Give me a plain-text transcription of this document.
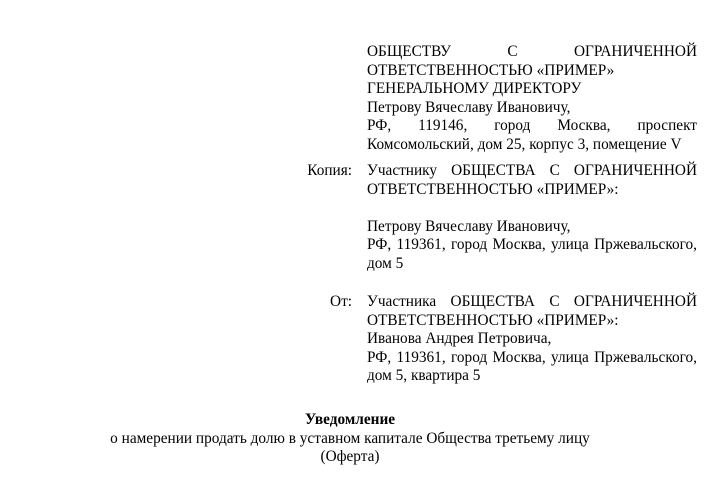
ОБЩЕСТВУ С ОГРАНИЧЕННОЙ
ОТВЕТСТВЕННОСТЬЮ «ПРИМЕР»
ГЕНЕРАЛЬНОМУ ДИРЕКТОРУ
Петрову Вячеславу Ивановичу,
РФ, 119146, город Москва, проспект
Комсомольский, дом 25, корпус 3, помещение V
Копия: Участнику ОБЩЕСТВА С ОГРАНИЧЕННОЙ
ОТВЕТСТВЕННОСТЬЮ «ПРИМЕР»:
Петрову Вячеславу Ивановичу,
РФ, 119361, город Москва, улица Пржевальского,
дом 5
От: Участника ОБЩЕСТВА С ОГРАНИЧЕННОЙ
ОТВЕТСТВЕННОСТЬЮ «ПРИМЕР»:
Иванова Андрея Петровича,
РФ, 119361, город Москва, улица Пржевальского,
дом 5, квартира 5
Уведомление
о намерении продать долю в уставном капитале Общества третьему лицу
(Оферта)
